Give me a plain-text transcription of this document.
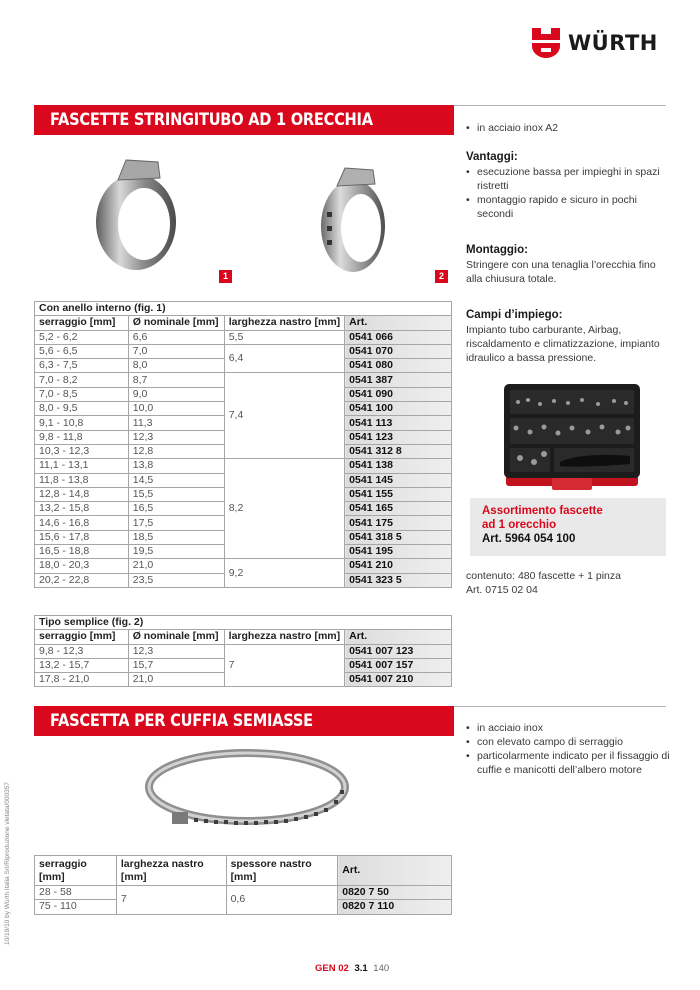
WÜRTH
FASCETTE STRINGITUBO AD 1 ORECCHIA
1	2
Con anello interno (fig. 1)			
serraggio [mm]	Ø nominale [mm]	larghezza nastro [mm]	Art.
5,2 - 6,2	6,6	5,5	0541 066
5,6 - 6,5	7,0	6,4	0541 070
6,3 - 7,5	8,0		0541 080
7,0 - 8,2	8,7	7,4	0541 387
7,0 - 8,5	9,0		0541 090
8,0 - 9,5	10,0		0541 100
9,1 - 10,8	11,3		0541 113
9,8 - 11,8	12,3		0541 123
10,3 - 12,3	12,8		0541 312 8
11,1 - 13,1	13,8	8,2	0541 138
11,8 - 13,8	14,5		0541 145
12,8 - 14,8	15,5		0541 155
13,2 - 15,8	16,5		0541 165
14,6 - 16,8	17,5		0541 175
15,6 - 17,8	18,5		0541 318 5
16,5 - 18,8	19,5		0541 195
18,0 - 20,3	21,0	9,2	0541 210
20,2 - 22,8	23,5		0541 323 5
Tipo semplice (fig. 2)			
serraggio [mm]	Ø nominale [mm]	larghezza nastro [mm]	Art.
9,8 - 12,3	12,3	7	0541 007 123
13,2 - 15,7	15,7		0541 007 157
17,8 - 21,0	21,0		0541 007 210
• in acciaio inox A2
Vantaggi:
• esecuzione bassa per impieghi in spazi ristretti
• montaggio rapido e sicuro in pochi secondi
Montaggio:

Stringere con una tenaglia l’orecchia fino alla chiusura totale.

Campi d’impiego:

Impianto tubo carburante, Airbag, riscaldamento e climatizzazione, impianto idraulico a bassa pressione.

Assortimento fascette
ad 1 orecchio
Art. 5964 054 100

contenuto: 480 fascette + 1 pinza

Art. 0715 02 04

FASCETTA PER CUFFIA SEMIASSE	• in acciaio inox
• con elevato campo di serraggio
• particolarmente indicato per il fissaggio di cuffie e manicotti dell’albero motore
serraggio [mm]	larghezza nastro [mm]	spessore nastro [mm]	Art.
28 - 58	7	0,6	0820 7 50
75 - 110			0820 7 110
10/19/10 by Würth Italia Srl/Riproduzione vietata/000357
GEN 02 3.1 140
